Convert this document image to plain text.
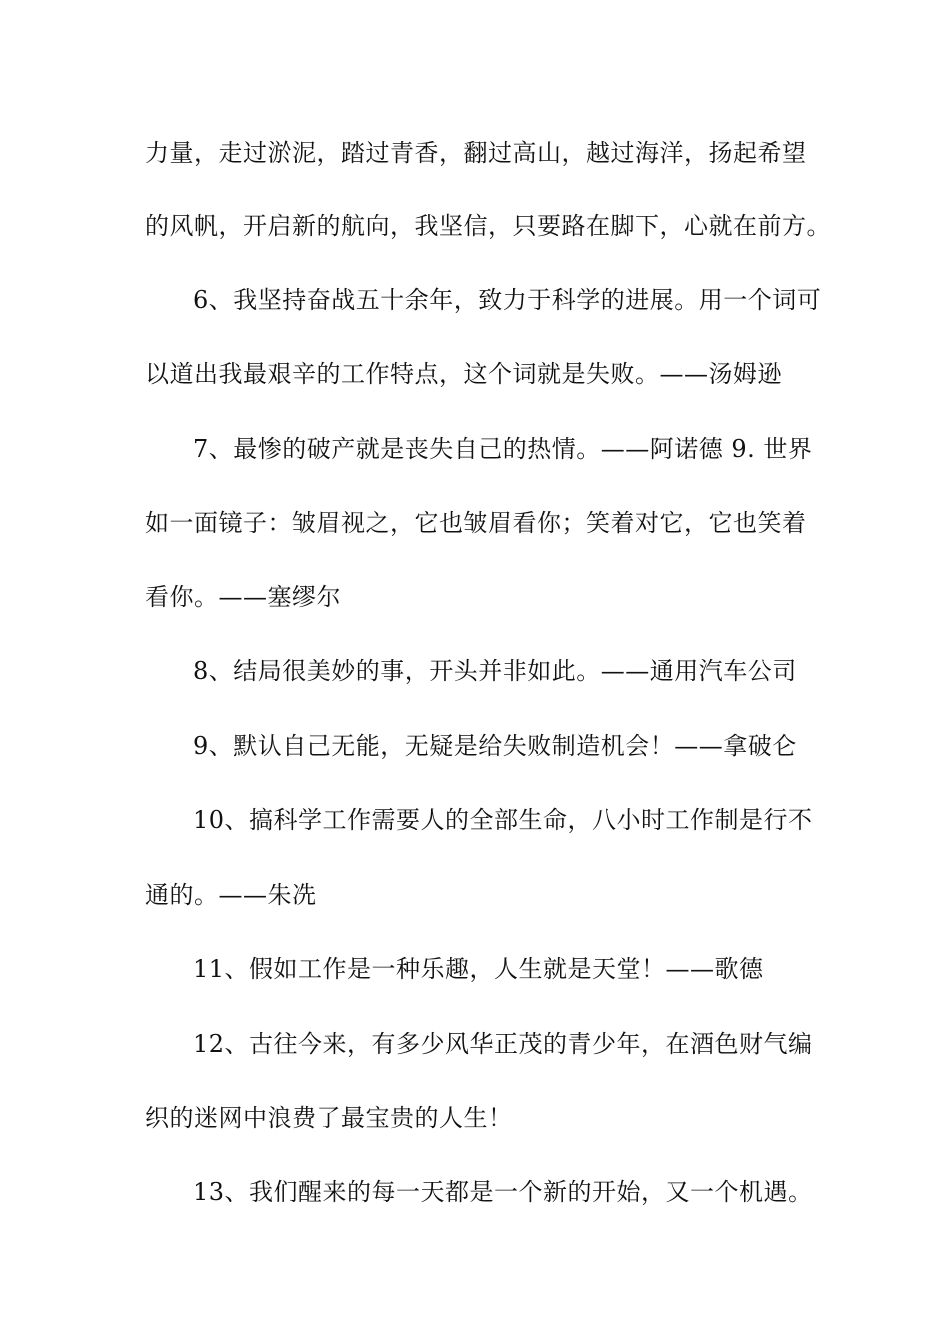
力量，走过淤泥，踏过青香，翻过高山，越过海洋，扬起希望
的风帆，开启新的航向，我坚信，只要路在脚下，心就在前方。
6、我坚持奋战五十余年，致力于科学的进展。用一个词可
以道出我最艰辛的工作特点，这个词就是失败。——汤姆逊
7、最惨的破产就是丧失自己的热情。——阿诺德 9. 世界
如一面镜子：皱眉视之，它也皱眉看你；笑着对它，它也笑着
看你。——塞缪尔
8、结局很美妙的事，开头并非如此。——通用汽车公司
9、默认自己无能，无疑是给失败制造机会！——拿破仑
10、搞科学工作需要人的全部生命，八小时工作制是行不
通的。——朱冼
11、假如工作是一种乐趣，人生就是天堂！——歌德
12、古往今来，有多少风华正茂的青少年，在酒色财气编
织的迷网中浪费了最宝贵的人生！
13、我们醒来的每一天都是一个新的开始，又一个机遇。
